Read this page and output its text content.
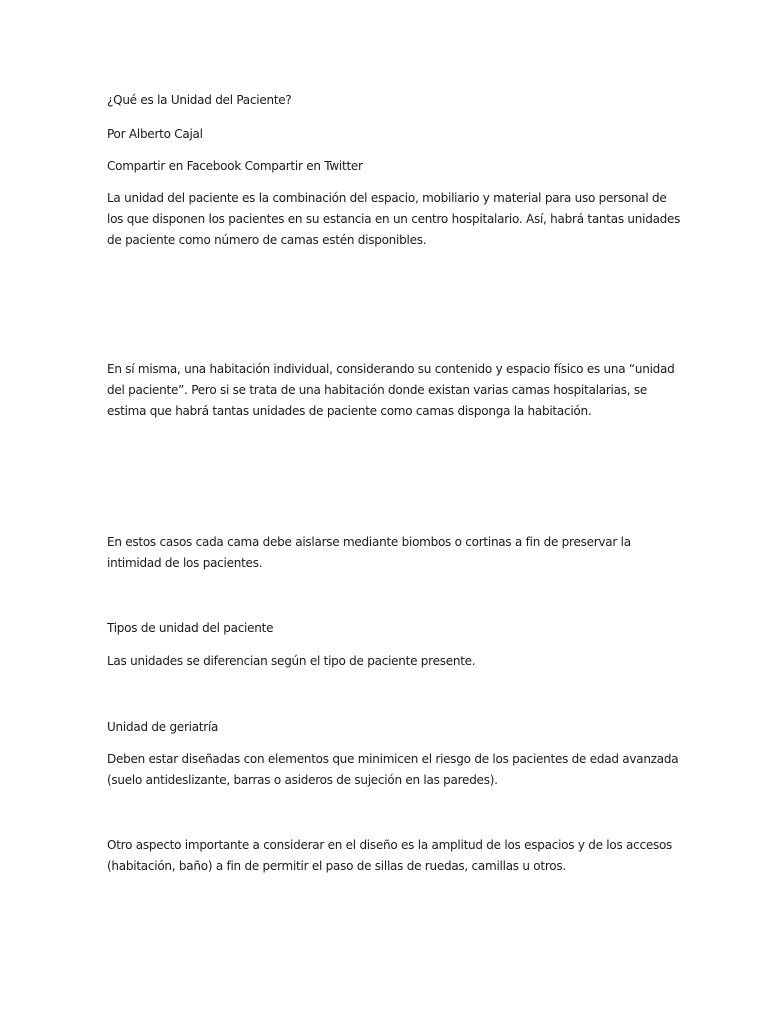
¿Qué es la Unidad del Paciente?

Por Alberto Cajal

Compartir en Facebook Compartir en Twitter

La unidad del paciente es la combinación del espacio, mobiliario y material para uso personal de

los que disponen los pacientes en su estancia en un centro hospitalario. Así, habrá tantas unidades

de paciente como número de camas estén disponibles.

En sí misma, una habitación individual, considerando su contenido y espacio físico es una “unidad

del paciente”. Pero si se trata de una habitación donde existan varias camas hospitalarias, se

estima que habrá tantas unidades de paciente como camas disponga la habitación.

En estos casos cada cama debe aislarse mediante biombos o cortinas a fin de preservar la

intimidad de los pacientes.

Tipos de unidad del paciente

Las unidades se diferencian según el tipo de paciente presente.

Unidad de geriatría

Deben estar diseñadas con elementos que minimicen el riesgo de los pacientes de edad avanzada

(suelo antideslizante, barras o asideros de sujeción en las paredes).

Otro aspecto importante a considerar en el diseño es la amplitud de los espacios y de los accesos

(habitación, baño) a fin de permitir el paso de sillas de ruedas, camillas u otros.
